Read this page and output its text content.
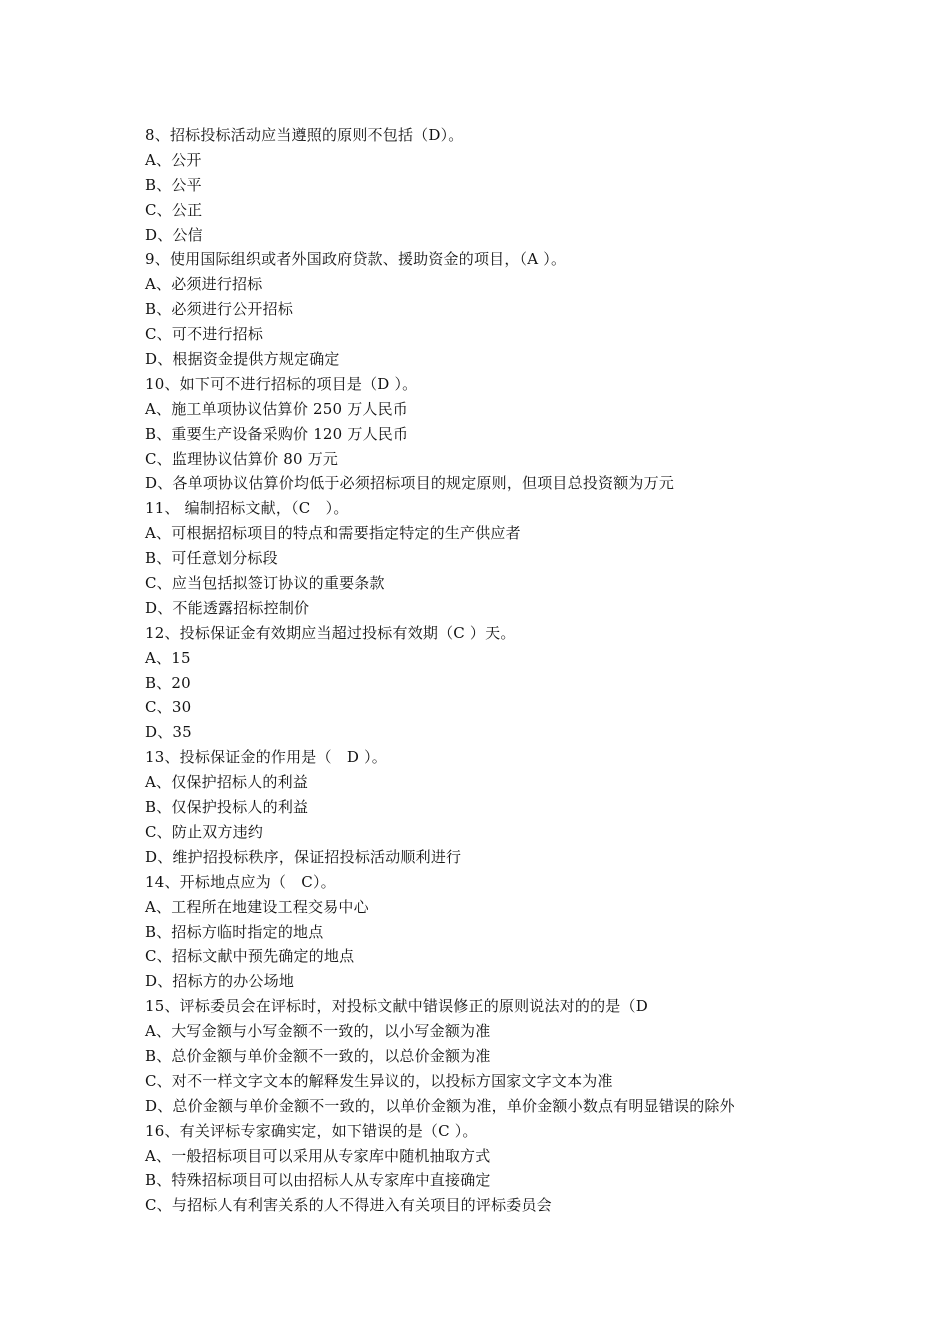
8、招标投标活动应当遵照的原则不包括（D）。
A、公开
B、公平
C、公正
D、公信
9、使用国际组织或者外国政府贷款、援助资金的项目，（A ）。
A、必须进行招标
B、必须进行公开招标
C、可不进行招标
D、根据资金提供方规定确定
10、如下可不进行招标的项目是（D ）。
A、施工单项协议估算价 250 万人民币
B、重要生产设备采购价 120 万人民币
C、监理协议估算价 80 万元
D、各单项协议估算价均低于必须招标项目的规定原则，但项目总投资额为万元
11、 编制招标文献，（C　）。
A、可根据招标项目的特点和需要指定特定的生产供应者
B、可任意划分标段
C、应当包括拟签订协议的重要条款
D、不能透露招标控制价
12、投标保证金有效期应当超过投标有效期（C ）天。
A、15
B、20
C、30
D、35
13、投标保证金的作用是（　D ）。
A、仅保护招标人的利益
B、仅保护投标人的利益
C、防止双方违约
D、维护招投标秩序，保证招投标活动顺利进行
14、开标地点应为（　C）。
A、工程所在地建设工程交易中心
B、招标方临时指定的地点
C、招标文献中预先确定的地点
D、招标方的办公场地
15、评标委员会在评标时，对投标文献中错误修正的原则说法对的的是（D
A、大写金额与小写金额不一致的，以小写金额为准
B、总价金额与单价金额不一致的，以总价金额为准
C、对不一样文字文本的解释发生异议的，以投标方国家文字文本为准
D、总价金额与单价金额不一致的，以单价金额为准，单价金额小数点有明显错误的除外
16、有关评标专家确实定，如下错误的是（C ）。
A、一般招标项目可以采用从专家库中随机抽取方式
B、特殊招标项目可以由招标人从专家库中直接确定
C、与招标人有利害关系的人不得进入有关项目的评标委员会
